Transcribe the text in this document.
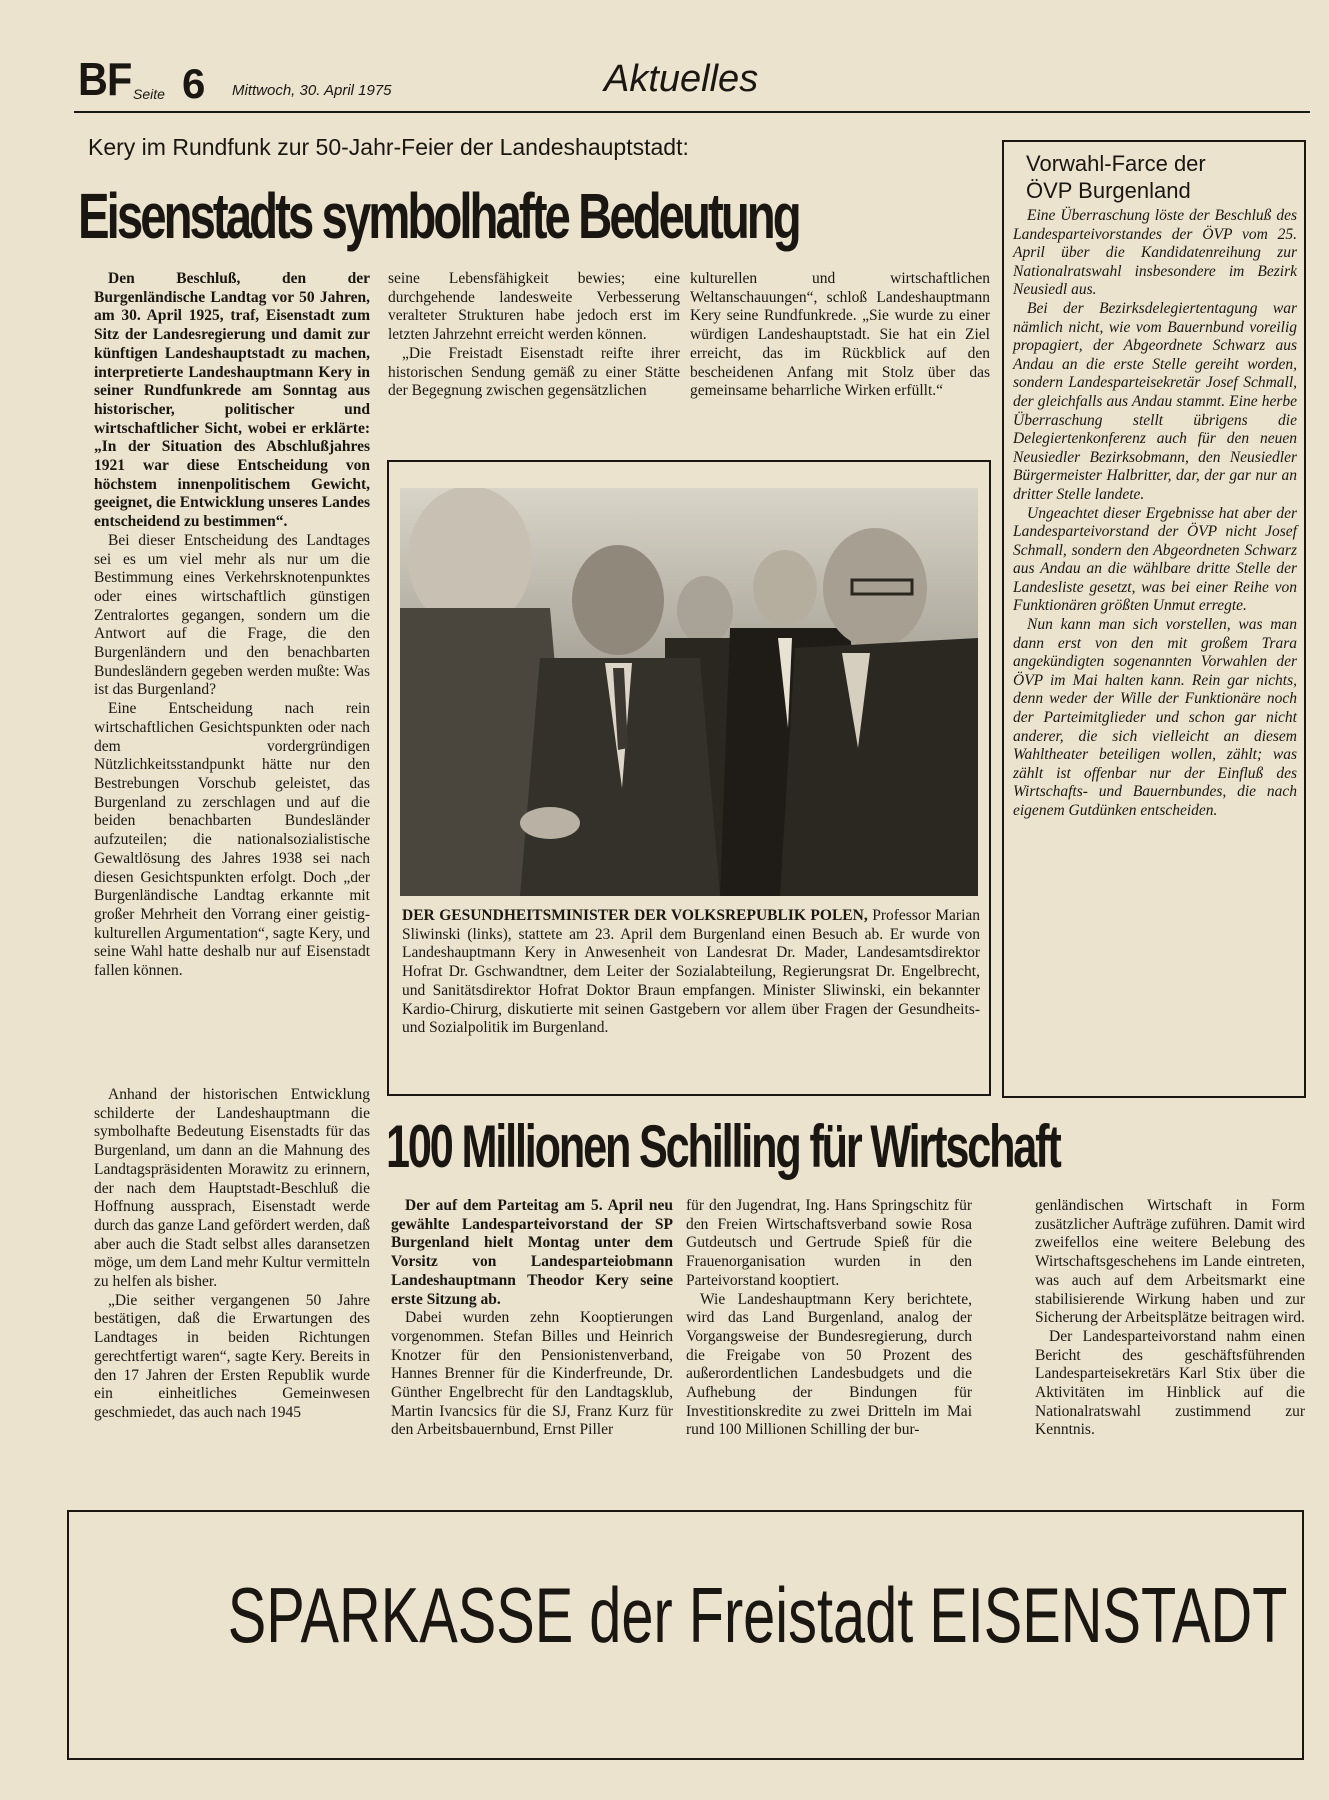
BF Seite 6 Mittwoch, 30. April 1975	Aktuelles
Kery im Rundfunk zur 50-Jahr-Feier der Landeshauptstadt:
Eisenstadts symbolhafte Bedeutung

Den Beschluß, den der Burgenländische Landtag vor 50 Jahren, am 30. April 1925, traf, Eisenstadt zum Sitz der Landesregierung und damit zur künftigen Landeshauptstadt zu machen, interpretierte Landeshauptmann Kery in seiner Rundfunkrede am Sonntag aus historischer, politischer und wirtschaftlicher Sicht, wobei er erklärte: „In der Situation des Abschlußjahres 1921 war diese Entscheidung von höchstem innenpolitischem Gewicht, geeignet, die Entwicklung unseres Landes entscheidend zu bestimmen“.

Bei dieser Entscheidung des Landtages sei es um viel mehr als nur um die Bestimmung eines Verkehrsknotenpunktes oder eines wirtschaftlich günstigen Zentralortes gegangen, sondern um die Antwort auf die Frage, die den Burgenländern und den benachbarten Bundesländern gegeben werden mußte: Was ist das Burgenland?

Eine Entscheidung nach rein wirtschaftlichen Gesichtspunkten oder nach dem vordergründigen Nützlichkeitsstandpunkt hätte nur den Bestrebungen Vorschub geleistet, das Burgenland zu zerschlagen und auf die beiden benachbarten Bundesländer aufzuteilen; die nationalsozialistische Gewaltlösung des Jahres 1938 sei nach diesen Gesichtspunkten erfolgt. Doch „der Burgenländische Landtag erkannte mit großer Mehrheit den Vorrang einer geistig-kulturellen Argumentation“, sagte Kery, und seine Wahl hatte deshalb nur auf Eisenstadt fallen können.

Anhand der historischen Entwicklung schilderte der Landeshauptmann die symbolhafte Bedeutung Eisenstadts für das Burgenland, um dann an die Mahnung des Landtagspräsidenten Morawitz zu erinnern, der nach dem Hauptstadt-Beschluß die Hoffnung aussprach, Eisenstadt werde durch das ganze Land gefördert werden, daß aber auch die Stadt selbst alles daransetzen möge, um dem Land mehr Kultur vermitteln zu helfen als bisher.

„Die seither vergangenen 50 Jahre bestätigen, daß die Erwartungen des Landtages in beiden Richtungen gerechtfertigt waren“, sagte Kery. Bereits in den 17 Jahren der Ersten Republik wurde ein einheitliches Gemeinwesen geschmiedet, das auch nach 1945

seine Lebensfähigkeit bewies; eine durchgehende landesweite Verbesserung veralteter Strukturen habe jedoch erst im letzten Jahrzehnt erreicht werden können.

„Die Freistadt Eisenstadt reifte ihrer historischen Sendung gemäß zu einer Stätte der Begegnung zwischen gegensätzlichen

kulturellen und wirtschaftlichen Weltanschauungen“, schloß Landeshauptmann Kery seine Rundfunkrede. „Sie wurde zu einer würdigen Landeshauptstadt. Sie hat ein Ziel erreicht, das im Rückblick auf den bescheidenen Anfang mit Stolz über das gemeinsame beharrliche Wirken erfüllt.“

DER GESUNDHEITSMINISTER DER VOLKSREPUBLIK POLEN, Professor Marian Sliwinski (links), stattete am 23. April dem Burgenland einen Besuch ab. Er wurde von Landeshauptmann Kery in Anwesenheit von Landesrat Dr. Mader, Landesamtsdirektor Hofrat Dr. Gschwandtner, dem Leiter der Sozialabteilung, Regierungsrat Dr. Engelbrecht, und Sanitätsdirektor Hofrat Doktor Braun empfangen. Minister Sliwinski, ein bekannter Kardio-Chirurg, diskutierte mit seinen Gastgebern vor allem über Fragen der Gesundheits- und Sozialpolitik im Burgenland.
Vorwahl-Farce der
ÖVP Burgenland

Eine Überraschung löste der Beschluß des Landesparteivorstandes der ÖVP vom 25. April über die Kandidatenreihung zur Nationalratswahl insbesondere im Bezirk Neusiedl aus.

Bei der Bezirksdelegiertentagung war nämlich nicht, wie vom Bauernbund voreilig propagiert, der Abgeordnete Schwarz aus Andau an die erste Stelle gereiht worden, sondern Landesparteisekretär Josef Schmall, der gleichfalls aus Andau stammt. Eine herbe Überraschung stellt übrigens die Delegiertenkonferenz auch für den neuen Neusiedler Bezirksobmann, den Neusiedler Bürgermeister Halbritter, dar, der gar nur an dritter Stelle landete.

Ungeachtet dieser Ergebnisse hat aber der Landesparteivorstand der ÖVP nicht Josef Schmall, sondern den Abgeordneten Schwarz aus Andau an die wählbare dritte Stelle der Landesliste gesetzt, was bei einer Reihe von Funktionären größten Unmut erregte.

Nun kann man sich vorstellen, was man dann erst von den mit großem Trara angekündigten sogenannten Vorwahlen der ÖVP im Mai halten kann. Rein gar nichts, denn weder der Wille der Funktionäre noch der Parteimitglieder und schon gar nicht anderer, die sich vielleicht an diesem Wahltheater beteiligen wollen, zählt; was zählt ist offenbar nur der Einfluß des Wirtschafts- und Bauernbundes, die nach eigenem Gutdünken entscheiden.

100 Millionen Schilling für Wirtschaft

Der auf dem Parteitag am 5. April neu gewählte Landesparteivorstand der SP Burgenland hielt Montag unter dem Vorsitz von Landesparteiobmann Landeshauptmann Theodor Kery seine erste Sitzung ab.

Dabei wurden zehn Kooptierungen vorgenommen. Stefan Billes und Heinrich Knotzer für den Pensionistenverband, Hannes Brenner für die Kinderfreunde, Dr. Günther Engelbrecht für den Landtagsklub, Martin Ivancsics für die SJ, Franz Kurz für den Arbeitsbauernbund, Ernst Piller

für den Jugendrat, Ing. Hans Springschitz für den Freien Wirtschaftsverband sowie Rosa Gutdeutsch und Gertrude Spieß für die Frauenorganisation wurden in den Parteivorstand kooptiert.

Wie Landeshauptmann Kery berichtete, wird das Land Burgenland, analog der Vorgangsweise der Bundesregierung, durch die Freigabe von 50 Prozent des außerordentlichen Landesbudgets und die Aufhebung der Bindungen für Investitionskredite zu zwei Dritteln im Mai rund 100 Millionen Schilling der bur-

genländischen Wirtschaft in Form zusätzlicher Aufträge zuführen. Damit wird zweifellos eine weitere Belebung des Wirtschaftsgeschehens im Lande eintreten, was auch auf dem Arbeitsmarkt eine stabilisierende Wirkung haben und zur Sicherung der Arbeitsplätze beitragen wird.

Der Landesparteivorstand nahm einen Bericht des geschäftsführenden Landesparteisekretärs Karl Stix über die Aktivitäten im Hinblick auf die Nationalratswahl zustimmend zur Kenntnis.

SPARKASSE der Freistadt EISENSTADT
